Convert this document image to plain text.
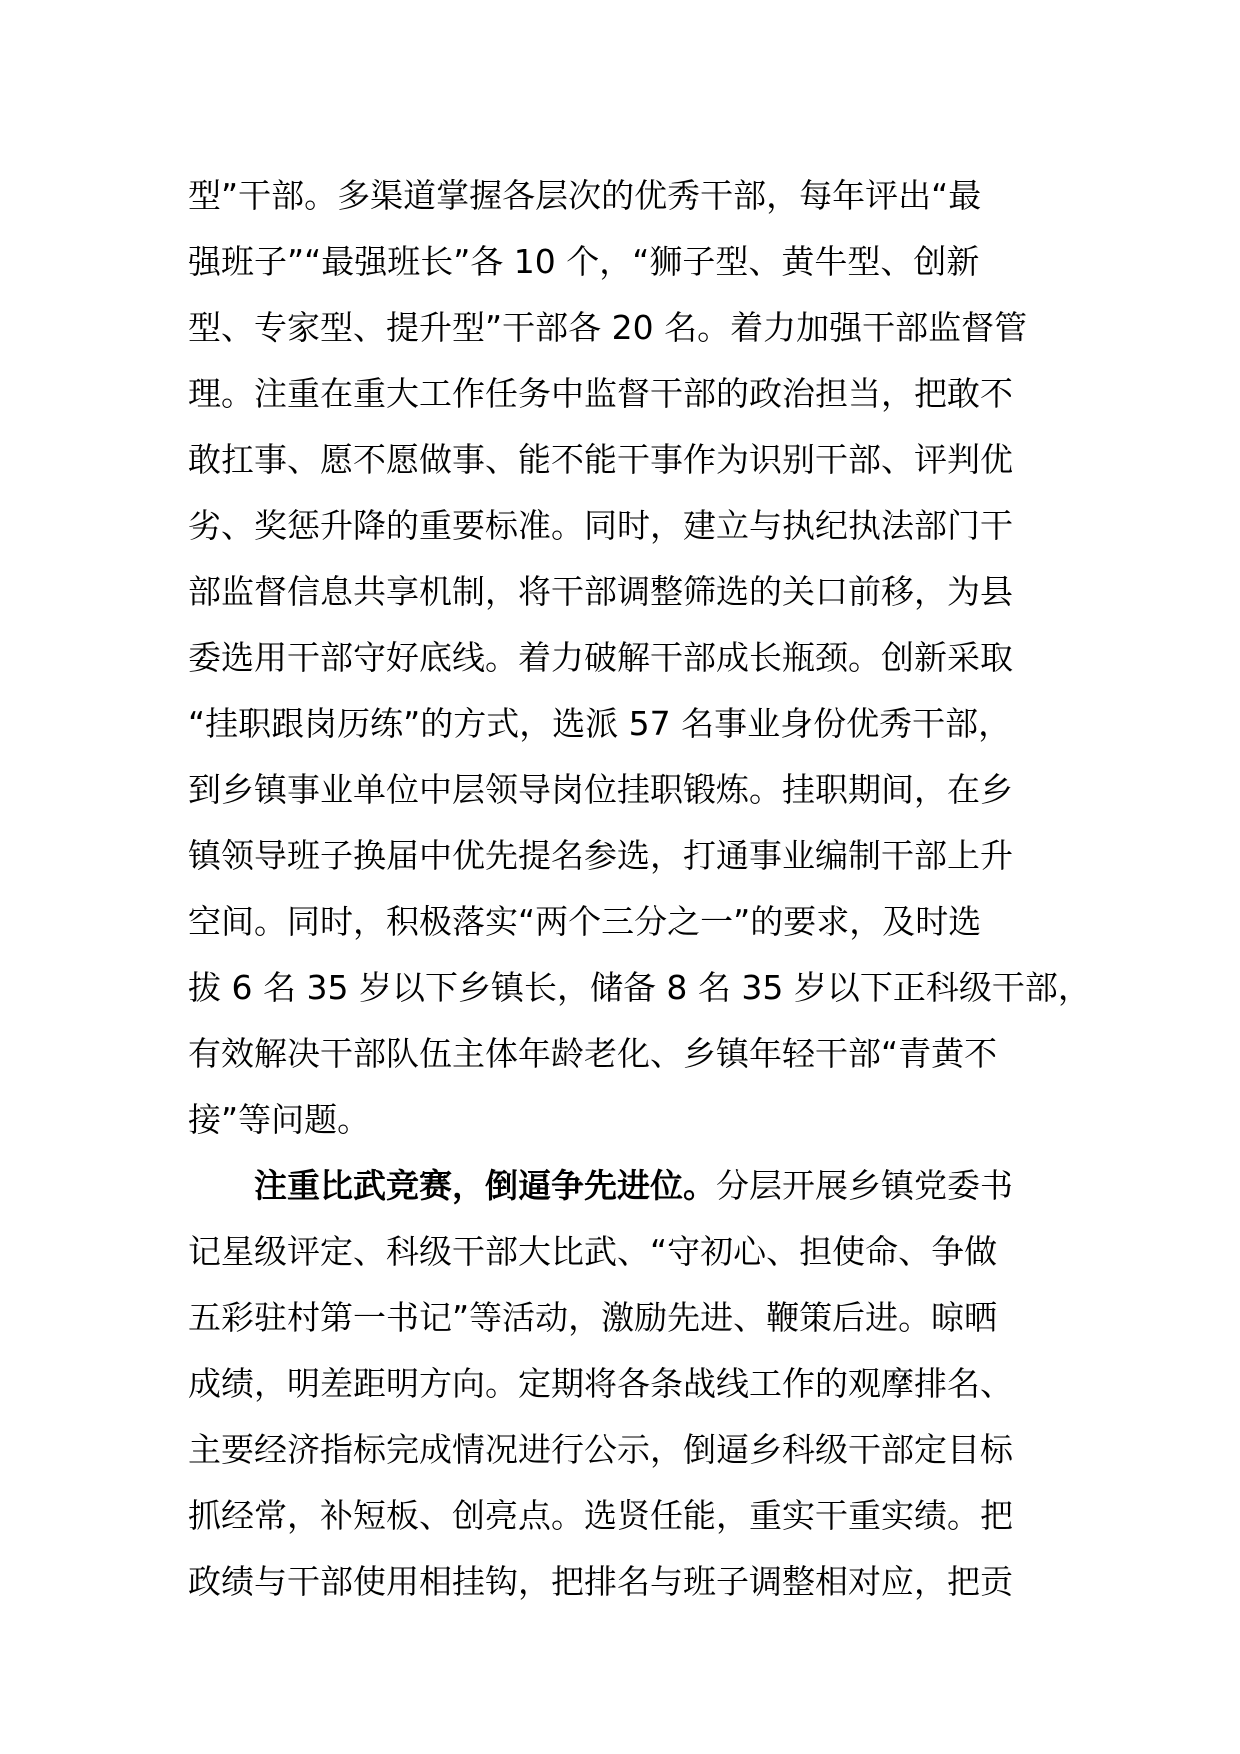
型”干部。多渠道掌握各层次的优秀干部，每年评出“最
强班子”“最强班长”各 10 个，“狮子型、黄牛型、创新
型、专家型、提升型”干部各 20 名。着力加强干部监督管
理。注重在重大工作任务中监督干部的政治担当，把敢不
敢扛事、愿不愿做事、能不能干事作为识别干部、评判优
劣、奖惩升降的重要标准。同时，建立与执纪执法部门干
部监督信息共享机制，将干部调整筛选的关口前移，为县
委选用干部守好底线。着力破解干部成长瓶颈。创新采取
“挂职跟岗历练”的方式，选派 57 名事业身份优秀干部，
到乡镇事业单位中层领导岗位挂职锻炼。挂职期间，在乡
镇领导班子换届中优先提名参选，打通事业编制干部上升
空间。同时，积极落实“两个三分之一”的要求，及时选
拔 6 名 35 岁以下乡镇长，储备 8 名 35 岁以下正科级干部，
有效解决干部队伍主体年龄老化、乡镇年轻干部“青黄不
接”等问题。
注重比武竞赛，倒逼争先进位。分层开展乡镇党委书
记星级评定、科级干部大比武、“守初心、担使命、争做
五彩驻村第一书记”等活动，激励先进、鞭策后进。晾晒
成绩，明差距明方向。定期将各条战线工作的观摩排名、
主要经济指标完成情况进行公示，倒逼乡科级干部定目标
抓经常，补短板、创亮点。选贤任能，重实干重实绩。把
政绩与干部使用相挂钩，把排名与班子调整相对应，把贡
